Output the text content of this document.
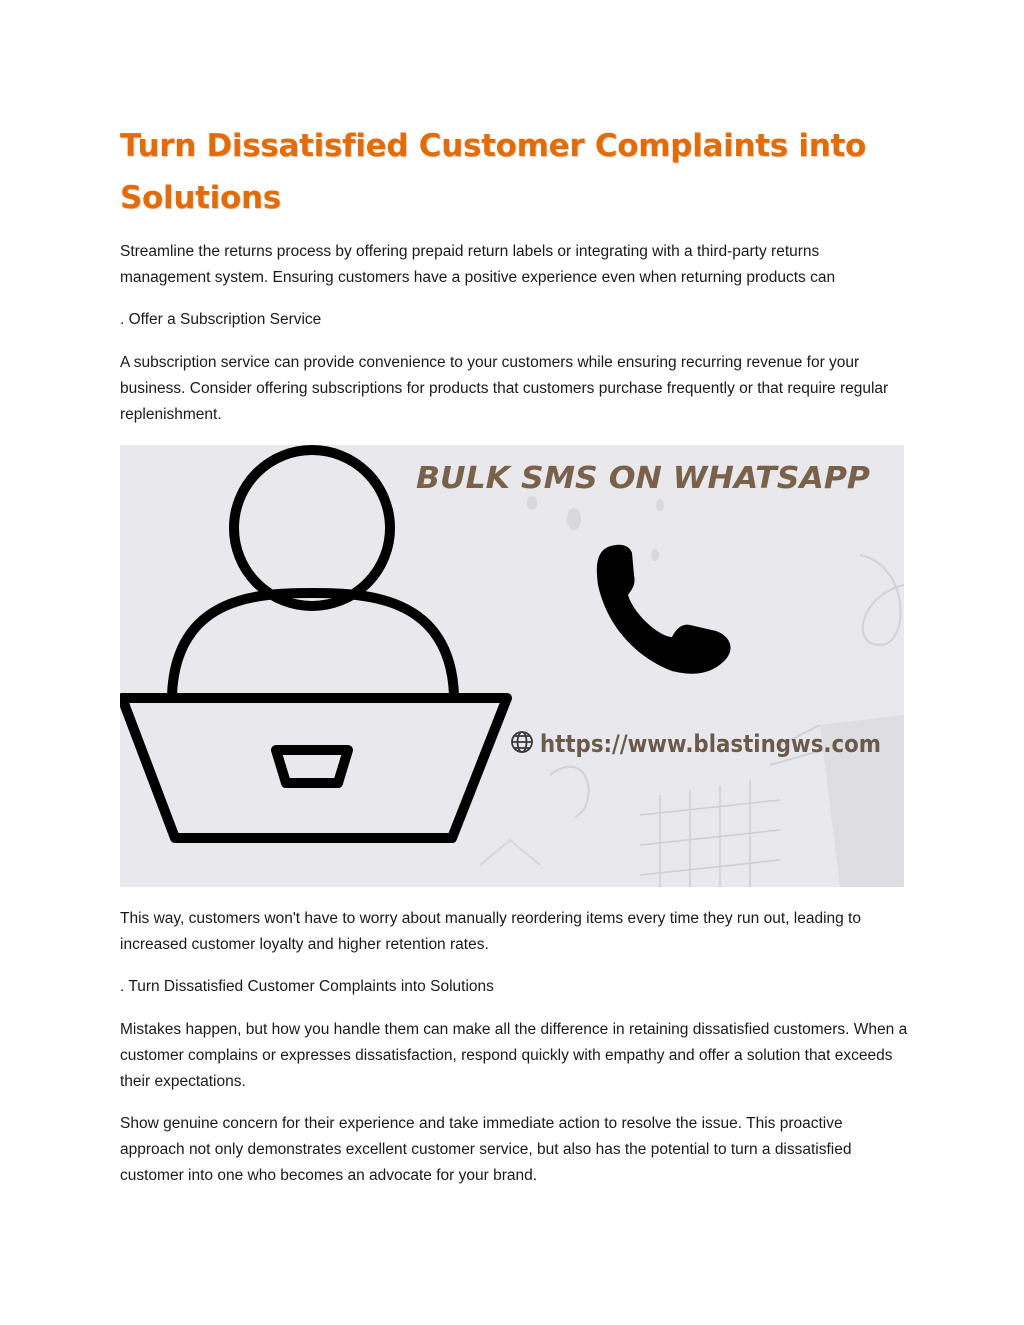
Turn Dissatisfied Customer Complaints into Solutions

Streamline the returns process by offering prepaid return labels or integrating with a third-party returns management system. Ensuring customers have a positive experience even when returning products can

. Offer a Subscription Service

A subscription service can provide convenience to your customers while ensuring recurring revenue for your business. Consider offering subscriptions for products that customers purchase frequently or that require regular replenishment.

BULK SMS ON WHATSAPP
https://www.blastingws.com

This way, customers won't have to worry about manually reordering items every time they run out, leading to increased customer loyalty and higher retention rates.

. Turn Dissatisfied Customer Complaints into Solutions

Mistakes happen, but how you handle them can make all the difference in retaining dissatisfied customers. When a customer complains or expresses dissatisfaction, respond quickly with empathy and offer a solution that exceeds their expectations.

Show genuine concern for their experience and take immediate action to resolve the issue. This proactive approach not only demonstrates excellent customer service, but also has the potential to turn a dissatisfied customer into one who becomes an advocate for your brand.
